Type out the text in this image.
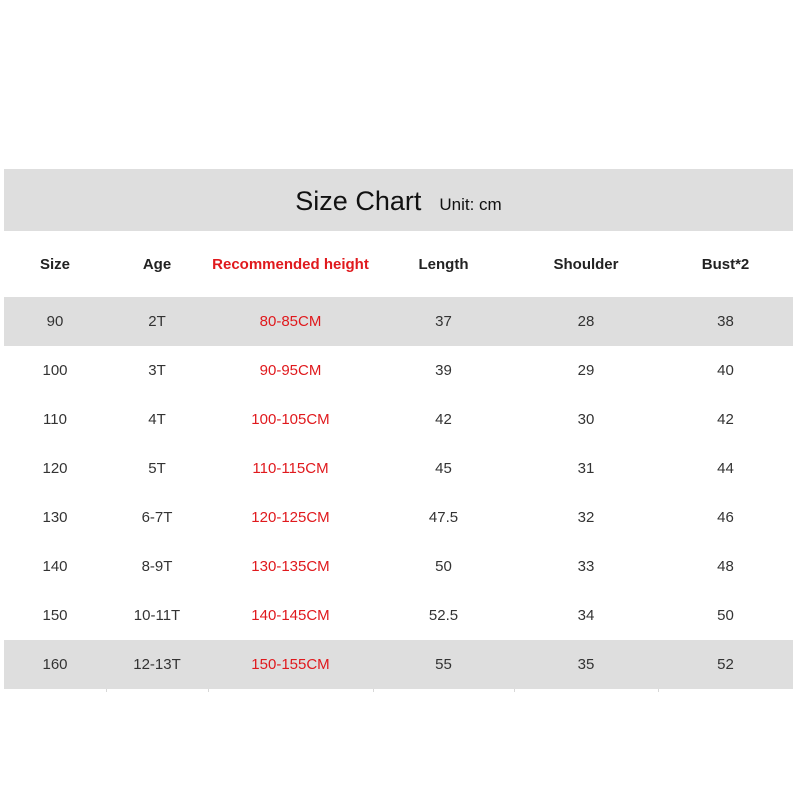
Size Chart Unit: cm
Size	Age	Recommended height	Length	Shoulder	Bust*2
90	2T	80-85CM	37	28	38
100	3T	90-95CM	39	29	40
110	4T	100-105CM	42	30	42
120	5T	110-115CM	45	31	44
130	6-7T	120-125CM	47.5	32	46
140	8-9T	130-135CM	50	33	48
150	10-11T	140-145CM	52.5	34	50
160	12-13T	150-155CM	55	35	52
